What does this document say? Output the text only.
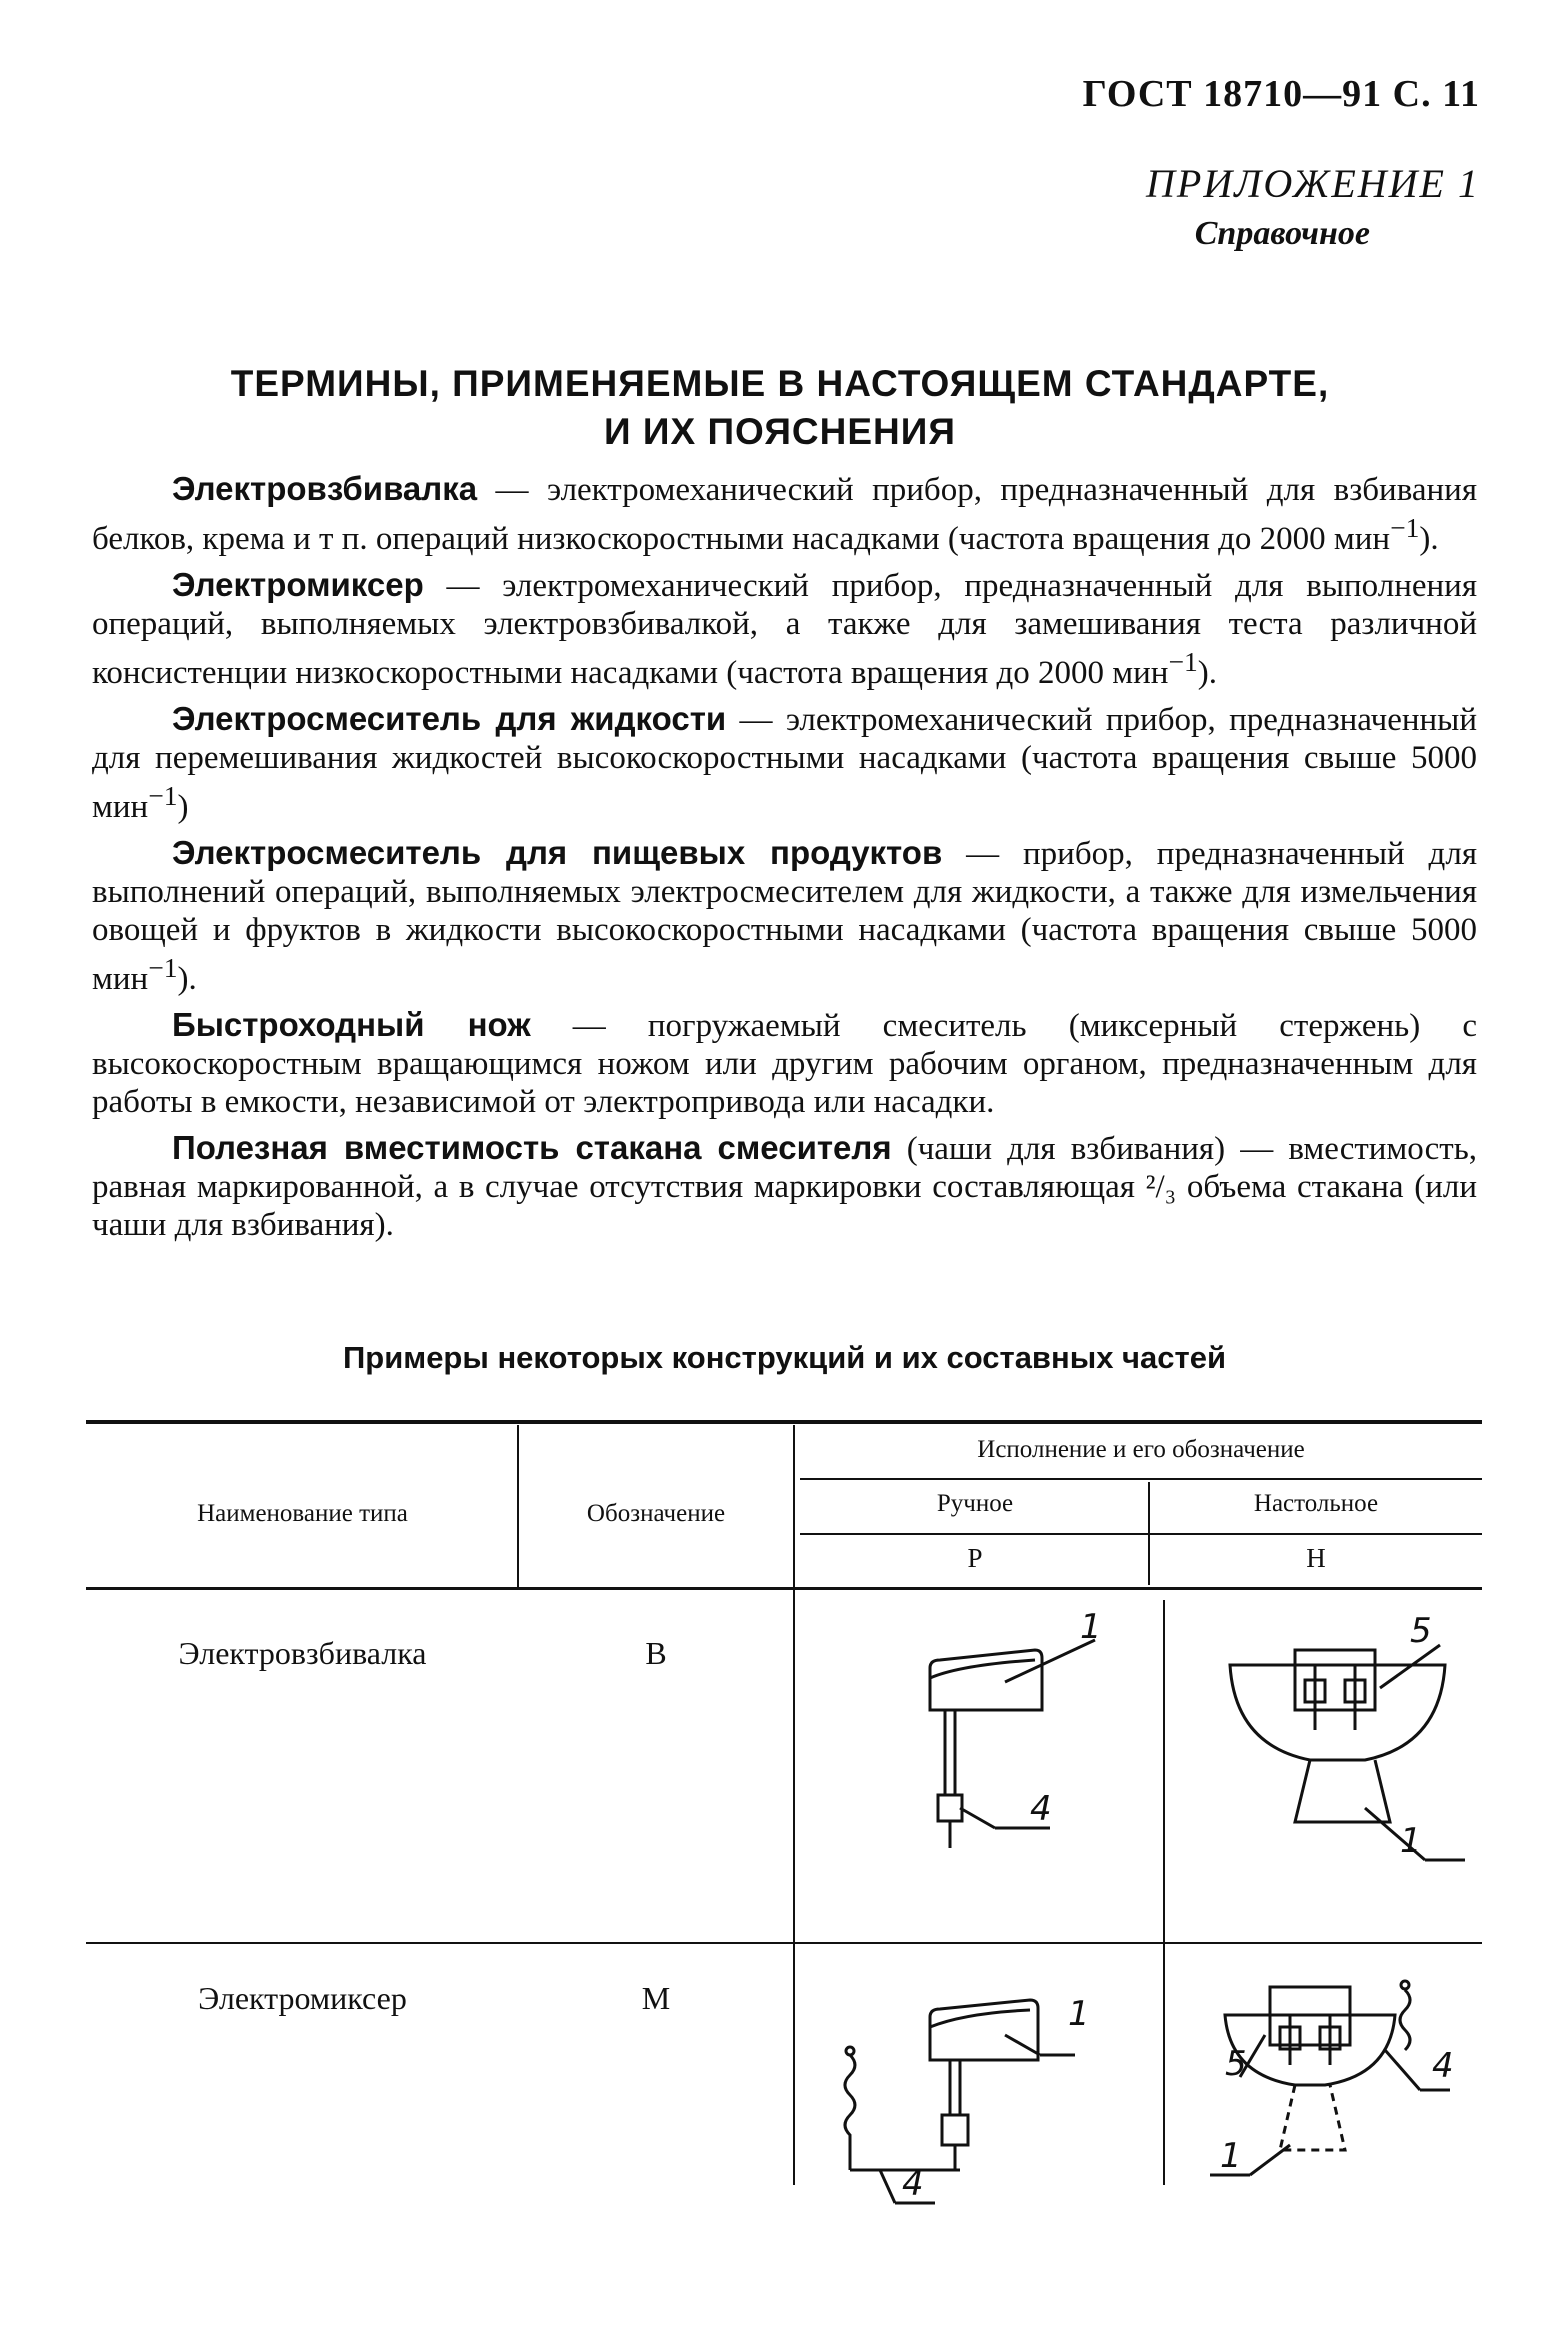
ГОСТ 18710—91 С. 11
ПРИЛОЖЕНИЕ 1
Справочное
ТЕРМИНЫ, ПРИМЕНЯЕМЫЕ В НАСТОЯЩЕМ СТАНДАРТЕ,
И ИХ ПОЯСНЕНИЯ

Электровзбивалка — электромеханический прибор, предназначенный для взбивания белков, крема и т п. операций низкоскоростными насадками (частота вращения до 2000 мин$^{-1}$).

Электромиксер — электромеханический прибор, предназначенный для выполнения операций, выполняемых электровзбивалкой, а также для замешивания теста различной консистенции низкоскоростными насадками (частота вращения до 2000 мин$^{-1}$).

Электросмеситель для жидкости — электромеханический прибор, предназначенный для перемешивания жидкостей высокоскоростными насадками (частота вращения свыше 5000 мин$^{-1}$)

Электросмеситель для пищевых продуктов — прибор, предназначенный для выполнений операций, выполняемых электросмесителем для жидкости, а также для измельчения овощей и фруктов в жидкости высокоскоростными насадками (частота вращения свыше 5000 мин$^{-1}$).

Быстроходный нож — погружаемый смеситель (миксерный стержень) с высокоскоростным вращающимся ножом или другим рабочим органом, предназначенным для работы в емкости, независимой от электропривода или насадки.

Полезная вместимость стакана смесителя (чаши для взбивания) — вместимость, равная маркированной, а в случае отсутствия маркировки составляющая ²/₃ объема стакана (или чаши для взбивания).

Примеры некоторых конструкций и их составных частей
Наименование типа	Обозначение
Исполнение и его обозначение
Ручное	Настольное
Р	Н
Электровзбивалка	В
Электромиксер	М
1
4
5
1
1
4
5	4
1
